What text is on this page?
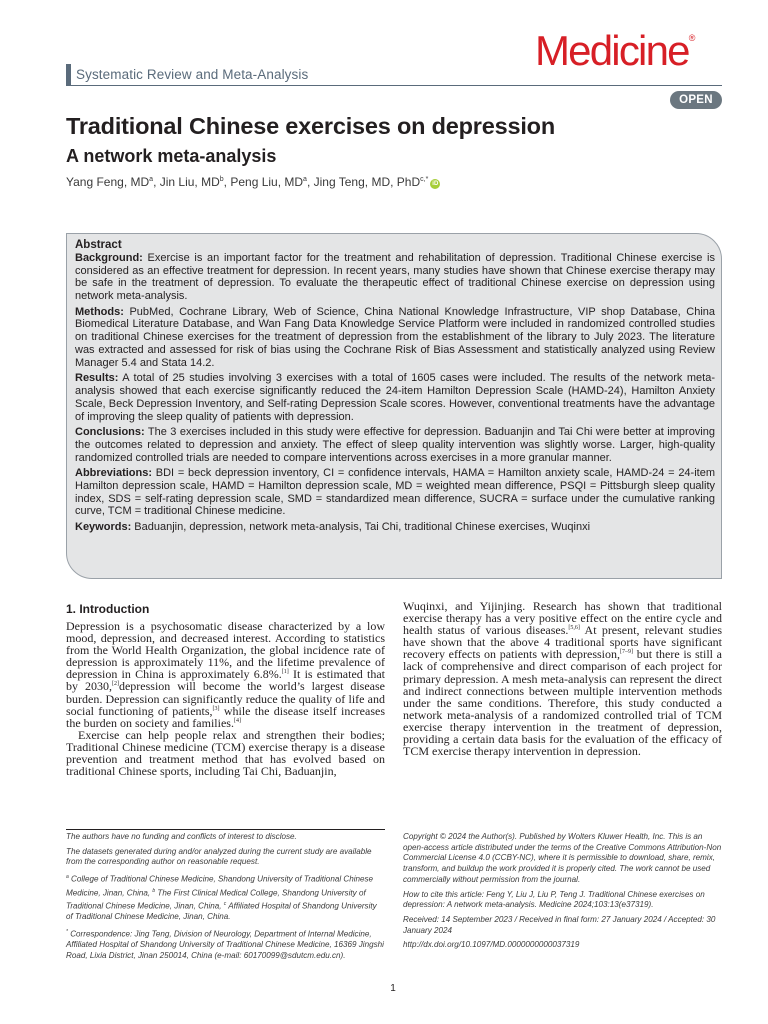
Systematic Review and Meta-Analysis
Medicine®
OPEN
Traditional Chinese exercises on depression
A network meta-analysis
Yang Feng, $MD^a$, Jin Liu, $MD^b$, Peng Liu, $MD^a$, Jing Teng, MD, PhD$^{c,*}$iD
Abstract

Background: Exercise is an important factor for the treatment and rehabilitation of depression. Traditional Chinese exercise is considered as an effective treatment for depression. In recent years, many studies have shown that Chinese exercise therapy may be safe in the treatment of depression. To evaluate the therapeutic effect of traditional Chinese exercise on depression using network meta-analysis.

Methods: PubMed, Cochrane Library, Web of Science, China National Knowledge Infrastructure, VIP shop Database, China Biomedical Literature Database, and Wan Fang Data Knowledge Service Platform were included in randomized controlled studies on traditional Chinese exercises for the treatment of depression from the establishment of the library to July 2023. The literature was extracted and assessed for risk of bias using the Cochrane Risk of Bias Assessment and statistically analyzed using Review Manager 5.4 and Stata 14.2.

Results: A total of 25 studies involving 3 exercises with a total of 1605 cases were included. The results of the network meta-analysis showed that each exercise significantly reduced the 24-item Hamilton Depression Scale (HAMD-24), Hamilton Anxiety Scale, Beck Depression Inventory, and Self-rating Depression Scale scores. However, conventional treatments have the advantage of improving the sleep quality of patients with depression.

Conclusions: The 3 exercises included in this study were effective for depression. Baduanjin and Tai Chi were better at improving the outcomes related to depression and anxiety. The effect of sleep quality intervention was slightly worse. Larger, high-quality randomized controlled trials are needed to compare interventions across exercises in a more granular manner.

Abbreviations: BDI = beck depression inventory, CI = confidence intervals, HAMA = Hamilton anxiety scale, HAMD-24 = 24-item Hamilton depression scale, HAMD = Hamilton depression scale, MD = weighted mean difference, PSQI = Pittsburgh sleep quality index, SDS = self-rating depression scale, SMD = standardized mean difference, SUCRA = surface under the cumulative ranking curve, TCM = traditional Chinese medicine.

Keywords: Baduanjin, depression, network meta-analysis, Tai Chi, traditional Chinese exercises, Wuqinxi

1. Introduction

Depression is a psychosomatic disease characterized by a low mood, depression, and decreased interest. According to statistics from the World Health Organization, the global incidence rate of depression is approximately 11%, and the lifetime prevalence of depression in China is approximately 6.8%.[1] It is estimated that by 2030,[2]depression will become the world’s largest disease burden. Depression can significantly reduce the quality of life and social functioning of patients,[3] while the disease itself increases the burden on society and families.[4]

Exercise can help people relax and strengthen their bodies; Traditional Chinese medicine (TCM) exercise therapy is a disease prevention and treatment method that has evolved based on traditional Chinese sports, including Tai Chi, Baduanjin,

Wuqinxi, and Yijinjing. Research has shown that traditional exercise therapy has a very positive effect on the entire cycle and health status of various diseases.[5,6] At present, relevant studies have shown that the above 4 traditional sports have significant recovery effects on patients with depression,[7–9] but there is still a lack of comprehensive and direct comparison of each project for primary depression. A mesh meta-analysis can represent the direct and indirect connections between multiple intervention methods under the same conditions. Therefore, this study conducted a network meta-analysis of a randomized controlled trial of TCM exercise therapy intervention in the treatment of depression, providing a certain data basis for the evaluation of the efficacy of TCM exercise therapy intervention in depression.

The authors have no funding and conflicts of interest to disclose.

The datasets generated during and/or analyzed during the current study are available from the corresponding author on reasonable request.

$^a$ College of Traditional Chinese Medicine, Shandong University of Traditional Chinese Medicine, Jinan, China, $^b$ The First Clinical Medical College, Shandong University of Traditional Chinese Medicine, Jinan, China, $^c$ Affiliated Hospital of Shandong University of Traditional Chinese Medicine, Jinan, China.

* Correspondence: Jing Teng, Division of Neurology, Department of Internal Medicine, Affiliated Hospital of Shandong University of Traditional Chinese Medicine, 16369 Jingshi Road, Lixia District, Jinan 250014, China (e-mail: 60170099@sdutcm.edu.cn).

Copyright © 2024 the Author(s). Published by Wolters Kluwer Health, Inc. This is an open-access article distributed under the terms of the Creative Commons Attribution-Non Commercial License 4.0 (CCBY-NC), where it is permissible to download, share, remix, transform, and buildup the work provided it is properly cited. The work cannot be used commercially without permission from the journal.

How to cite this article: Feng Y, Liu J, Liu P, Teng J. Traditional Chinese exercises on depression: A network meta-analysis. Medicine 2024;103:13(e37319).

Received: 14 September 2023 / Received in final form: 27 January 2024 / Accepted: 30 January 2024

http://dx.doi.org/10.1097/MD.0000000000037319

1
